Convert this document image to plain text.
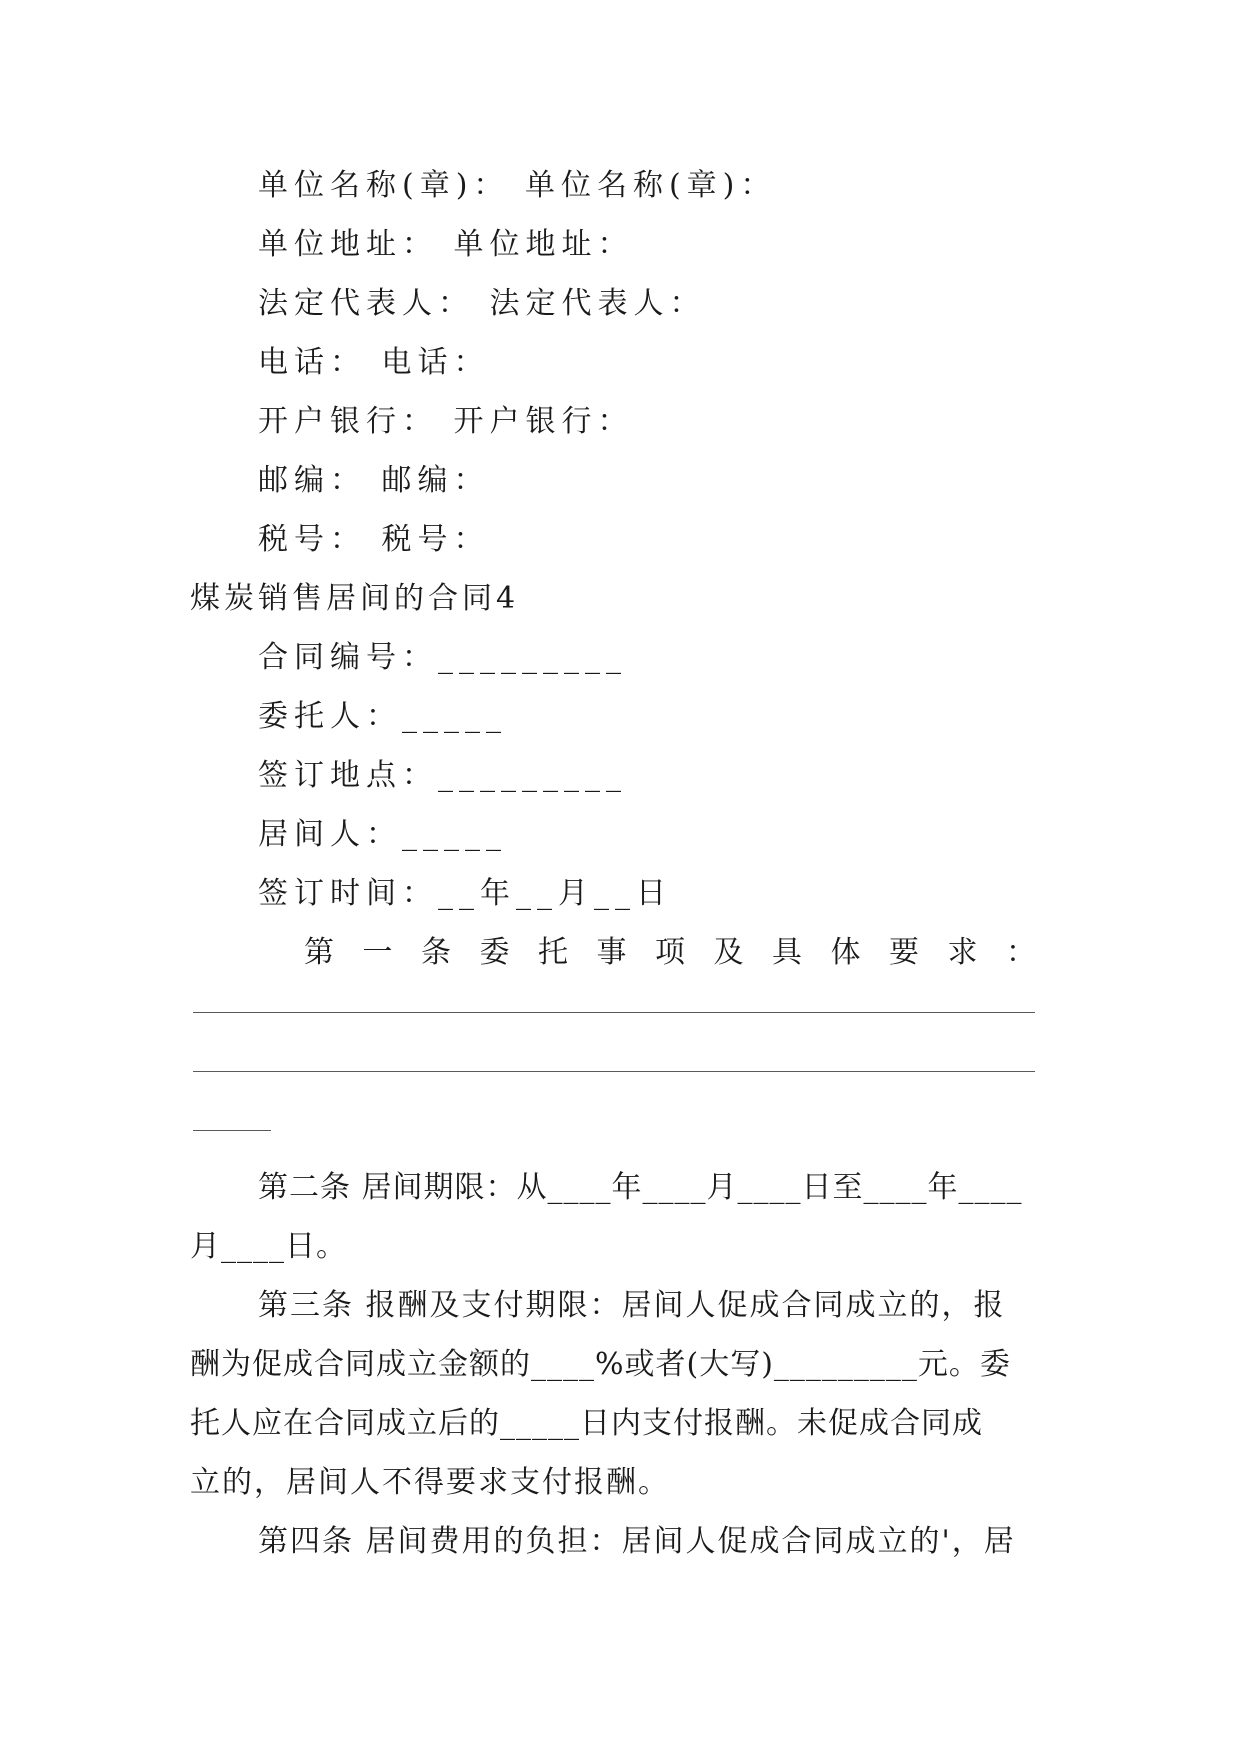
单位名称(章)： 单位名称(章)：
单位地址： 单位地址：
法定代表人： 法定代表人：
电话： 电话：
开户银行： 开户银行：
邮编： 邮编：
税号： 税号：
煤炭销售居间的合同4
合同编号：_________
委托人：_____
签订地点：_________
居间人：_____
签订时间：__年__月__日
第 一 条 委 托 事 项 及 具 体 要 求 ：
第二条 居间期限：从____年____月____日至____年____
月____日。
第三条 报酬及支付期限：居间人促成合同成立的，报
酬为促成合同成立金额的____%或者(大写)_________元。委
托人应在合同成立后的_____日内支付报酬。未促成合同成
立的，居间人不得要求支付报酬。
第四条 居间费用的负担：居间人促成合同成立的'，居
